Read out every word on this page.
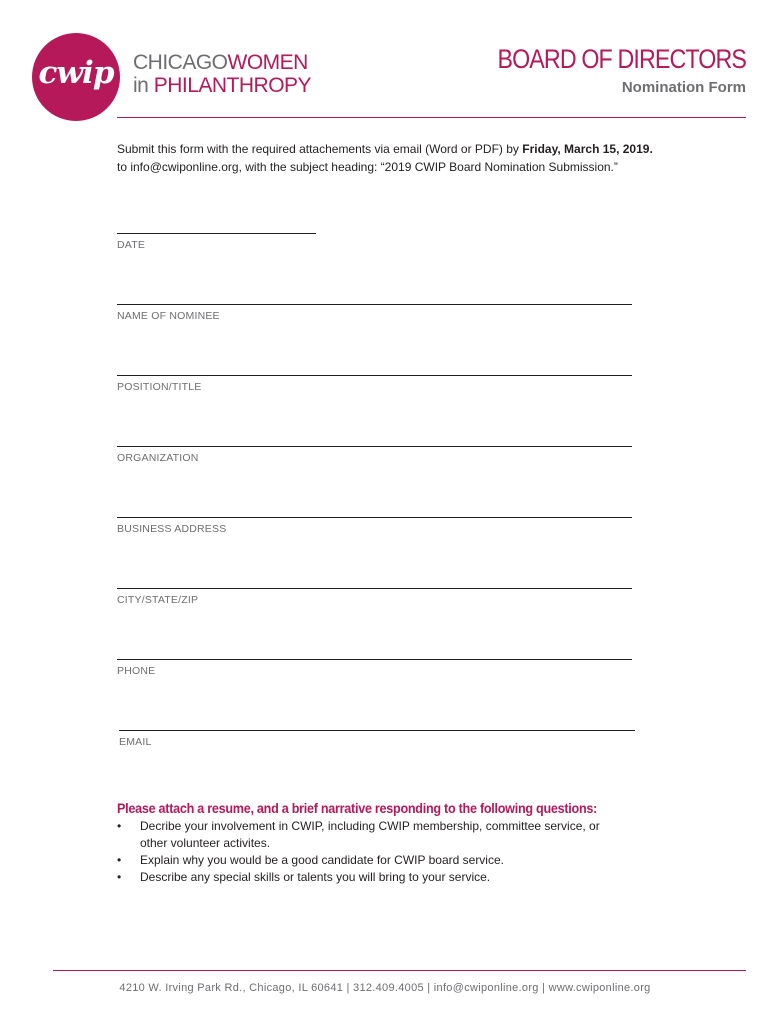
cwip CHICAGOWOMEN
in PHILANTHROPY
BOARD OF DIRECTORS
Nomination Form
Submit this form with the required attachements via email (Word or PDF) by Friday, March 15, 2019.
to info@cwiponline.org, with the subject heading: “2019 CWIP Board Nomination Submission.”
DATE
NAME OF NOMINEE
POSITION/TITLE
ORGANIZATION
BUSINESS ADDRESS
CITY/STATE/ZIP
PHONE
EMAIL
Please attach a resume, and a brief narrative responding to the following questions:
• Decribe your involvement in CWIP, including CWIP membership, committee service, or other volunteer activites.
• Explain why you would be a good candidate for CWIP board service.
• Describe any special skills or talents you will bring to your service.
4210 W. Irving Park Rd., Chicago, IL 60641 | 312.409.4005 | info@cwiponline.org | www.cwiponline.org
